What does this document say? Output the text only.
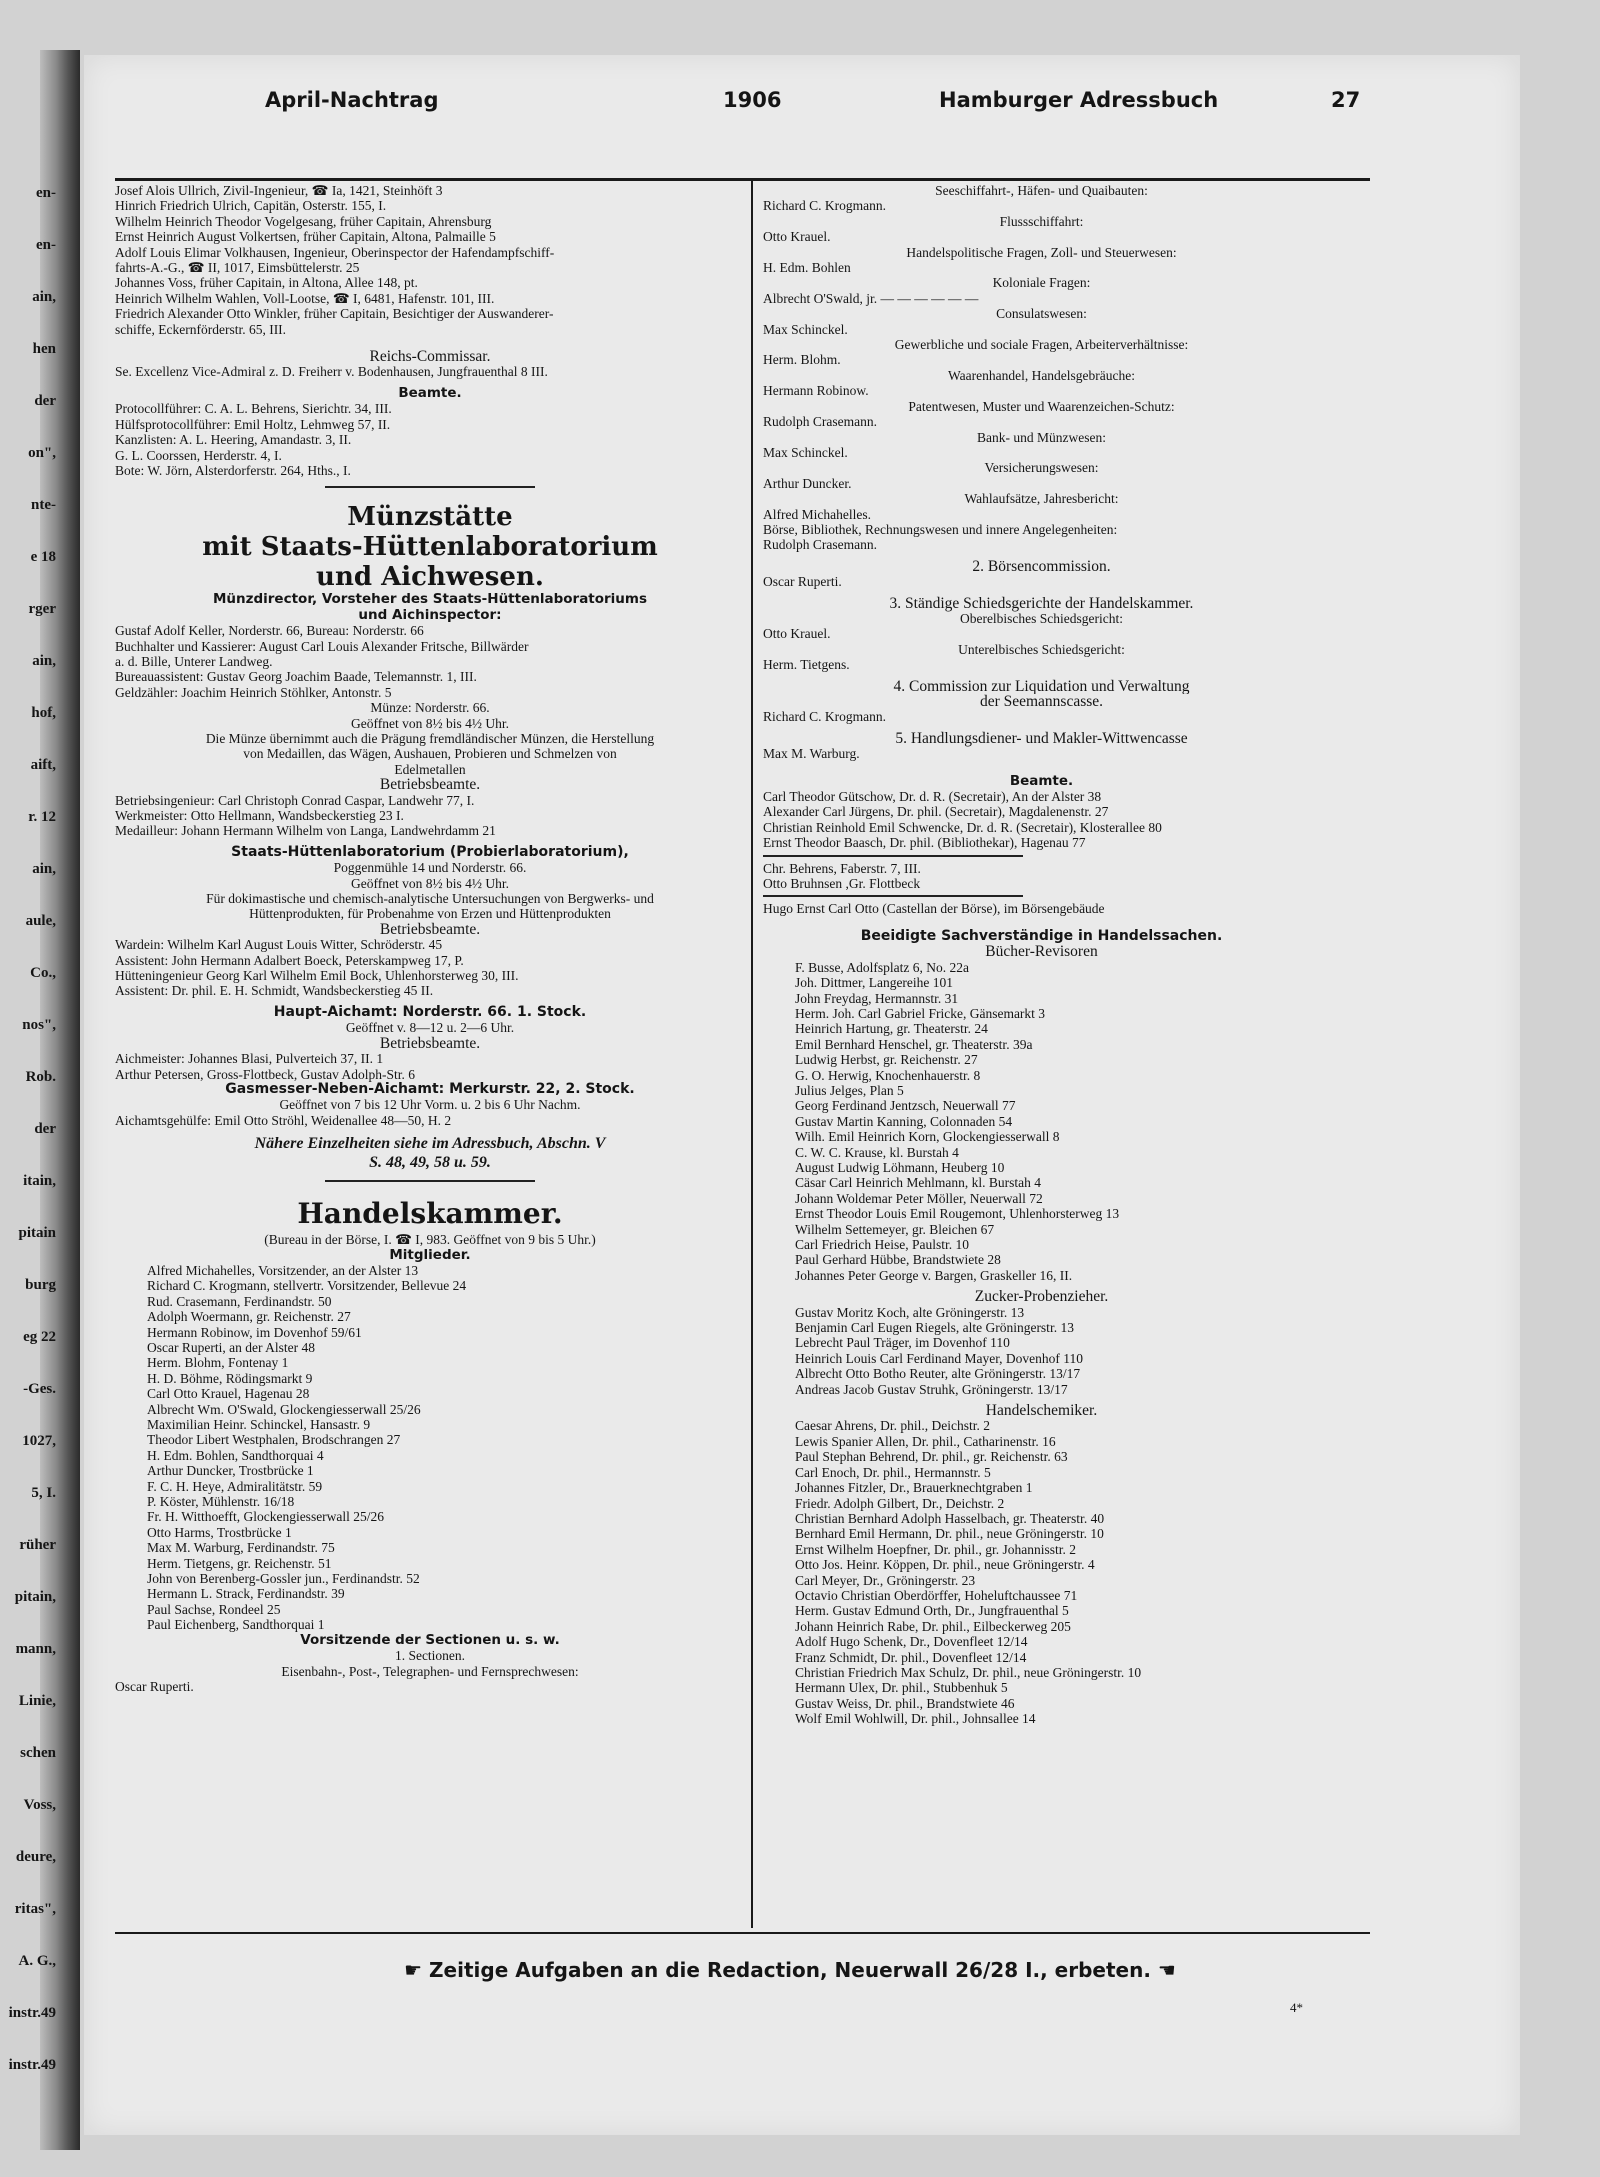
en-
en-
ain,
hen
der
on",
nte-
e 18
rger
ain,
hof,
aift,
r. 12
ain,
aule,
Co.,
nos",
Rob.
der
itain,
pitain
burg
eg 22
-Ges.
1027,
5, I.
rüher
pitain,
mann,
Linie,
schen
Voss,
deure,
ritas",
A. G.,
instr.49
instr.49
April-Nachtrag	1906	Hamburger Adressbuch	27
Josef Alois Ullrich, Zivil-Ingenieur, ☎ Ia, 1421, Steinhöft 3
Hinrich Friedrich Ulrich, Capitän, Osterstr. 155, I.
Wilhelm Heinrich Theodor Vogelgesang, früher Capitain, Ahrensburg
Ernst Heinrich August Volkertsen, früher Capitain, Altona, Palmaille 5
Adolf Louis Elimar Volkhausen, Ingenieur, Oberinspector der Hafendampfschiff-
fahrts-A.-G., ☎ II, 1017, Eimsbüttelerstr. 25
Johannes Voss, früher Capitain, in Altona, Allee 148, pt.
Heinrich Wilhelm Wahlen, Voll-Lootse, ☎ I, 6481, Hafenstr. 101, III.
Friedrich Alexander Otto Winkler, früher Capitain, Besichtiger der Auswanderer-
schiffe, Eckernförderstr. 65, III.
Reichs-Commissar.
Se. Excellenz Vice-Admiral z. D. Freiherr v. Bodenhausen, Jungfrauenthal 8 III.
Beamte.
Protocollführer: C. A. L. Behrens, Sierichtr. 34, III.
Hülfsprotocollführer: Emil Holtz, Lehmweg 57, II.
Kanzlisten: A. L. Heering, Amandastr. 3, II.
G. L. Coorssen, Herderstr. 4, I.
Bote: W. Jörn, Alsterdorferstr. 264, Hths., I.
Münzstätte
mit Staats-Hüttenlaboratorium
und Aichwesen.
Münzdirector, Vorsteher des Staats-Hüttenlaboratoriums
und Aichinspector:
Gustaf Adolf Keller, Norderstr. 66, Bureau: Norderstr. 66
Buchhalter und Kassierer: August Carl Louis Alexander Fritsche, Billwärder
a. d. Bille, Unterer Landweg.
Bureauassistent: Gustav Georg Joachim Baade, Telemannstr. 1, III.
Geldzähler: Joachim Heinrich Stöhlker, Antonstr. 5
Münze: Norderstr. 66.
Geöffnet von 8½ bis 4½ Uhr.
Die Münze übernimmt auch die Prägung fremdländischer Münzen, die Herstellung
von Medaillen, das Wägen, Aushauen, Probieren und Schmelzen von
Edelmetallen
Betriebsbeamte.
Betriebsingenieur: Carl Christoph Conrad Caspar, Landwehr 77, I.
Werkmeister: Otto Hellmann, Wandsbeckerstieg 23 I.
Medailleur: Johann Hermann Wilhelm von Langa, Landwehrdamm 21
Staats-Hüttenlaboratorium (Probierlaboratorium),
Poggenmühle 14 und Norderstr. 66.
Geöffnet von 8½ bis 4½ Uhr.
Für dokimastische und chemisch-analytische Untersuchungen von Bergwerks- und
Hüttenprodukten, für Probenahme von Erzen und Hüttenprodukten
Betriebsbeamte.
Wardein: Wilhelm Karl August Louis Witter, Schröderstr. 45
Assistent: John Hermann Adalbert Boeck, Peterskampweg 17, P.
Hütteningenieur Georg Karl Wilhelm Emil Bock, Uhlenhorsterweg 30, III.
Assistent: Dr. phil. E. H. Schmidt, Wandsbeckerstieg 45 II.
Haupt-Aichamt: Norderstr. 66. 1. Stock.
Geöffnet v. 8—12 u. 2—6 Uhr.
Betriebsbeamte.
Aichmeister: Johannes Blasi, Pulverteich 37, II. 1
Arthur Petersen, Gross-Flottbeck, Gustav Adolph-Str. 6
Gasmesser-Neben-Aichamt: Merkurstr. 22, 2. Stock.
Geöffnet von 7 bis 12 Uhr Vorm. u. 2 bis 6 Uhr Nachm.
Aichamtsgehülfe: Emil Otto Ströhl, Weidenallee 48—50, H. 2
Nähere Einzelheiten siehe im Adressbuch, Abschn. V
S. 48, 49, 58 u. 59.
Handelskammer.
(Bureau in der Börse, I. ☎ I, 983. Geöffnet von 9 bis 5 Uhr.)
Mitglieder.
Alfred Michahelles, Vorsitzender, an der Alster 13
Richard C. Krogmann, stellvertr. Vorsitzender, Bellevue 24
Rud. Crasemann, Ferdinandstr. 50
Adolph Woermann, gr. Reichenstr. 27
Hermann Robinow, im Dovenhof 59/61
Oscar Ruperti, an der Alster 48
Herm. Blohm, Fontenay 1
H. D. Böhme, Rödingsmarkt 9
Carl Otto Krauel, Hagenau 28
Albrecht Wm. O'Swald, Glockengiesserwall 25/26
Maximilian Heinr. Schinckel, Hansastr. 9
Theodor Libert Westphalen, Brodschrangen 27
H. Edm. Bohlen, Sandthorquai 4
Arthur Duncker, Trostbrücke 1
F. C. H. Heye, Admiralitätstr. 59
P. Köster, Mühlenstr. 16/18
Fr. H. Witthoefft, Glockengiesserwall 25/26
Otto Harms, Trostbrücke 1
Max M. Warburg, Ferdinandstr. 75
Herm. Tietgens, gr. Reichenstr. 51
John von Berenberg-Gossler jun., Ferdinandstr. 52
Hermann L. Strack, Ferdinandstr. 39
Paul Sachse, Rondeel 25
Paul Eichenberg, Sandthorquai 1
Vorsitzende der Sectionen u. s. w.
1. Sectionen.
Eisenbahn-, Post-, Telegraphen- und Fernsprechwesen:
Oscar Ruperti.
Seeschiffahrt-, Häfen- und Quaibauten:
Richard C. Krogmann.
Flussschiffahrt:
Otto Krauel.
Handelspolitische Fragen, Zoll- und Steuerwesen:
H. Edm. Bohlen
Koloniale Fragen:
Albrecht O'Swald, jr. — — — — — —
Consulatswesen:
Max Schinckel.
Gewerbliche und sociale Fragen, Arbeiterverhältnisse:
Herm. Blohm.
Waarenhandel, Handelsgebräuche:
Hermann Robinow.
Patentwesen, Muster und Waarenzeichen-Schutz:
Rudolph Crasemann.
Bank- und Münzwesen:
Max Schinckel.
Versicherungswesen:
Arthur Duncker.
Wahlaufsätze, Jahresbericht:
Alfred Michahelles.
Börse, Bibliothek, Rechnungswesen und innere Angelegenheiten:
Rudolph Crasemann.
2. Börsencommission.
Oscar Ruperti.
3. Ständige Schiedsgerichte der Handelskammer.
Oberelbisches Schiedsgericht:
Otto Krauel.
Unterelbisches Schiedsgericht:
Herm. Tietgens.
4. Commission zur Liquidation und Verwaltung
der Seemannscasse.
Richard C. Krogmann.
5. Handlungsdiener- und Makler-Wittwencasse
Max M. Warburg.
Beamte.
Carl Theodor Gütschow, Dr. d. R. (Secretair), An der Alster 38
Alexander Carl Jürgens, Dr. phil. (Secretair), Magdalenenstr. 27
Christian Reinhold Emil Schwencke, Dr. d. R. (Secretair), Klosterallee 80
Ernst Theodor Baasch, Dr. phil. (Bibliothekar), Hagenau 77
Chr. Behrens, Faberstr. 7, III.
Otto Bruhnsen ,Gr. Flottbeck
Hugo Ernst Carl Otto (Castellan der Börse), im Börsengebäude
Beeidigte Sachverständige in Handelssachen.
Bücher-Revisoren
F. Busse, Adolfsplatz 6, No. 22a
Joh. Dittmer, Langereihe 101
John Freydag, Hermannstr. 31
Herm. Joh. Carl Gabriel Fricke, Gänsemarkt 3
Heinrich Hartung, gr. Theaterstr. 24
Emil Bernhard Henschel, gr. Theaterstr. 39a
Ludwig Herbst, gr. Reichenstr. 27
G. O. Herwig, Knochenhauerstr. 8
Julius Jelges, Plan 5
Georg Ferdinand Jentzsch, Neuerwall 77
Gustav Martin Kanning, Colonnaden 54
Wilh. Emil Heinrich Korn, Glockengiesserwall 8
C. W. C. Krause, kl. Burstah 4
August Ludwig Löhmann, Heuberg 10
Cäsar Carl Heinrich Mehlmann, kl. Burstah 4
Johann Woldemar Peter Möller, Neuerwall 72
Ernst Theodor Louis Emil Rougemont, Uhlenhorsterweg 13
Wilhelm Settemeyer, gr. Bleichen 67
Carl Friedrich Heise, Paulstr. 10
Paul Gerhard Hübbe, Brandstwiete 28
Johannes Peter George v. Bargen, Graskeller 16, II.
Zucker-Probenzieher.
Gustav Moritz Koch, alte Gröningerstr. 13
Benjamin Carl Eugen Riegels, alte Gröningerstr. 13
Lebrecht Paul Träger, im Dovenhof 110
Heinrich Louis Carl Ferdinand Mayer, Dovenhof 110
Albrecht Otto Botho Reuter, alte Gröningerstr. 13/17
Andreas Jacob Gustav Struhk, Gröningerstr. 13/17
Handelschemiker.
Caesar Ahrens, Dr. phil., Deichstr. 2
Lewis Spanier Allen, Dr. phil., Catharinenstr. 16
Paul Stephan Behrend, Dr. phil., gr. Reichenstr. 63
Carl Enoch, Dr. phil., Hermannstr. 5
Johannes Fitzler, Dr., Brauerknechtgraben 1
Friedr. Adolph Gilbert, Dr., Deichstr. 2
Christian Bernhard Adolph Hasselbach, gr. Theaterstr. 40
Bernhard Emil Hermann, Dr. phil., neue Gröningerstr. 10
Ernst Wilhelm Hoepfner, Dr. phil., gr. Johannisstr. 2
Otto Jos. Heinr. Köppen, Dr. phil., neue Gröningerstr. 4
Carl Meyer, Dr., Gröningerstr. 23
Octavio Christian Oberdörffer, Hoheluftchaussee 71
Herm. Gustav Edmund Orth, Dr., Jungfrauenthal 5
Johann Heinrich Rabe, Dr. phil., Eilbeckerweg 205
Adolf Hugo Schenk, Dr., Dovenfleet 12/14
Franz Schmidt, Dr. phil., Dovenfleet 12/14
Christian Friedrich Max Schulz, Dr. phil., neue Gröningerstr. 10
Hermann Ulex, Dr. phil., Stubbenhuk 5
Gustav Weiss, Dr. phil., Brandstwiete 46
Wolf Emil Wohlwill, Dr. phil., Johnsallee 14
☛ Zeitige Aufgaben an die Redaction, Neuerwall 26/28 I., erbeten. ☚
4*
